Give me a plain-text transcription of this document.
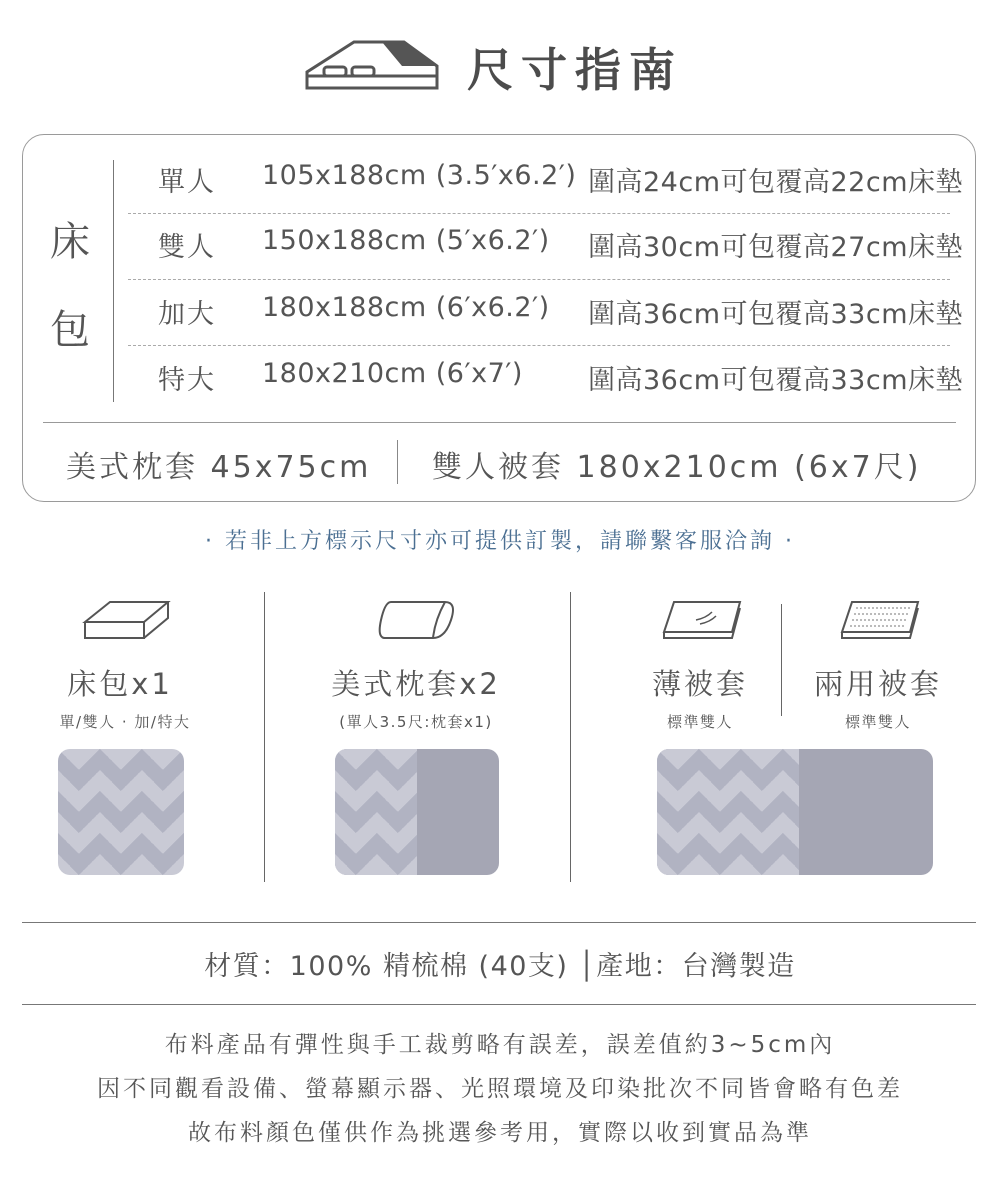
尺寸指南
床
包
單人 105x188cm (3.5′x6.2′) 圍高24cm可包覆高22cm床墊
雙人 150x188cm (5′x6.2′) 圍高30cm可包覆高27cm床墊
加大 180x188cm (6′x6.2′) 圍高36cm可包覆高33cm床墊
特大 180x210cm (6′x7′) 圍高36cm可包覆高33cm床墊
美式枕套 45x75cm 雙人被套 180x210cm (6x7尺)
· 若非上方標示尺寸亦可提供訂製，請聯繫客服洽詢 ·
床包x1
單/雙人 · 加/特大
美式枕套x2
(單人3.5尺:枕套x1)
薄被套
標準雙人
兩用被套
標準雙人
材質：100% 精梳棉 (40支) │產地：台灣製造
布料產品有彈性與手工裁剪略有誤差，誤差值約3~5cm內
因不同觀看設備、螢幕顯示器、光照環境及印染批次不同皆會略有色差
故布料顏色僅供作為挑選參考用，實際以收到實品為準
